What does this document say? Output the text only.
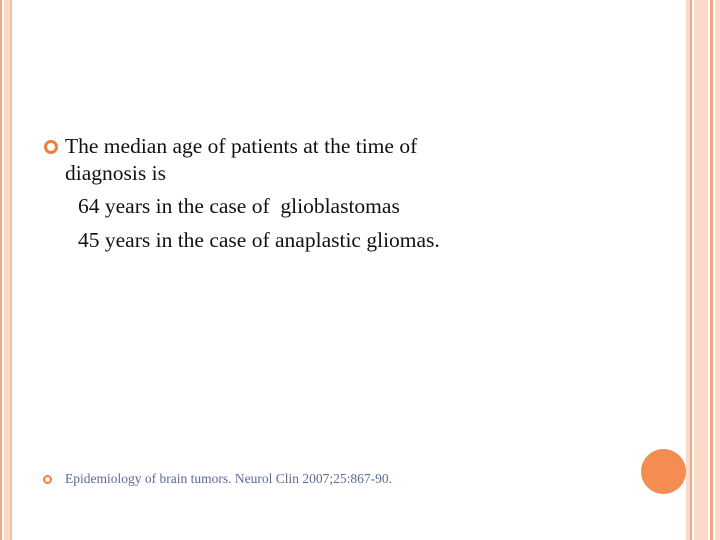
The median age of patients at the time of
diagnosis is
64 years in the case of  glioblastomas
45 years in the case of anaplastic gliomas.
Epidemiology of brain tumors. Neurol Clin 2007;25:867-90.
